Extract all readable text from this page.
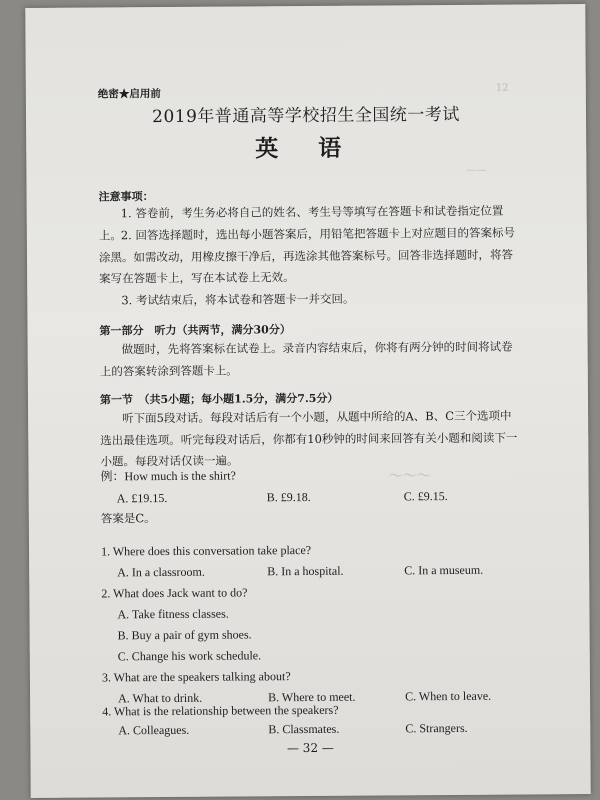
12
——
～～～
绝密★启用前
2019年普通高等学校招生全国统一考试
英 语
注意事项：
1. 答卷前，考生务必将自己的姓名、考生号等填写在答题卡和试卷指定位置上。
2. 回答选择题时，选出每小题答案后，用铅笔把答题卡上对应题目的答案标号涂黑。如需改动，用橡皮擦干净后，再选涂其他答案标号。回答非选择题时，将答案写在答题卡上，写在本试卷上无效。
3. 考试结束后，将本试卷和答题卡一并交回。
第一部分　听力（共两节，满分30分）
做题时，先将答案标在试卷上。录音内容结束后，你将有两分钟的时间将试卷上的答案转涂到答题卡上。
第一节　（共5小题；每小题1.5分，满分7.5分）
听下面5段对话。每段对话后有一个小题，从题中所给的A、B、C三个选项中选出最佳选项。听完每段对话后，你都有10秒钟的时间来回答有关小题和阅读下一小题。每段对话仅读一遍。
例：How much is the shirt?
A. £19.15.	B. £9.18.	C. £9.15.
答案是C。
1. Where does this conversation take place?
A. In a classroom.	B. In a hospital.	C. In a museum.
2. What does Jack want to do?
A. Take fitness classes.
B. Buy a pair of gym shoes.
C. Change his work schedule.
3. What are the speakers talking about?
A. What to drink.	B. Where to meet.	C. When to leave.
4. What is the relationship between the speakers?
A. Colleagues.	B. Classmates.	C. Strangers.
— 32 —
